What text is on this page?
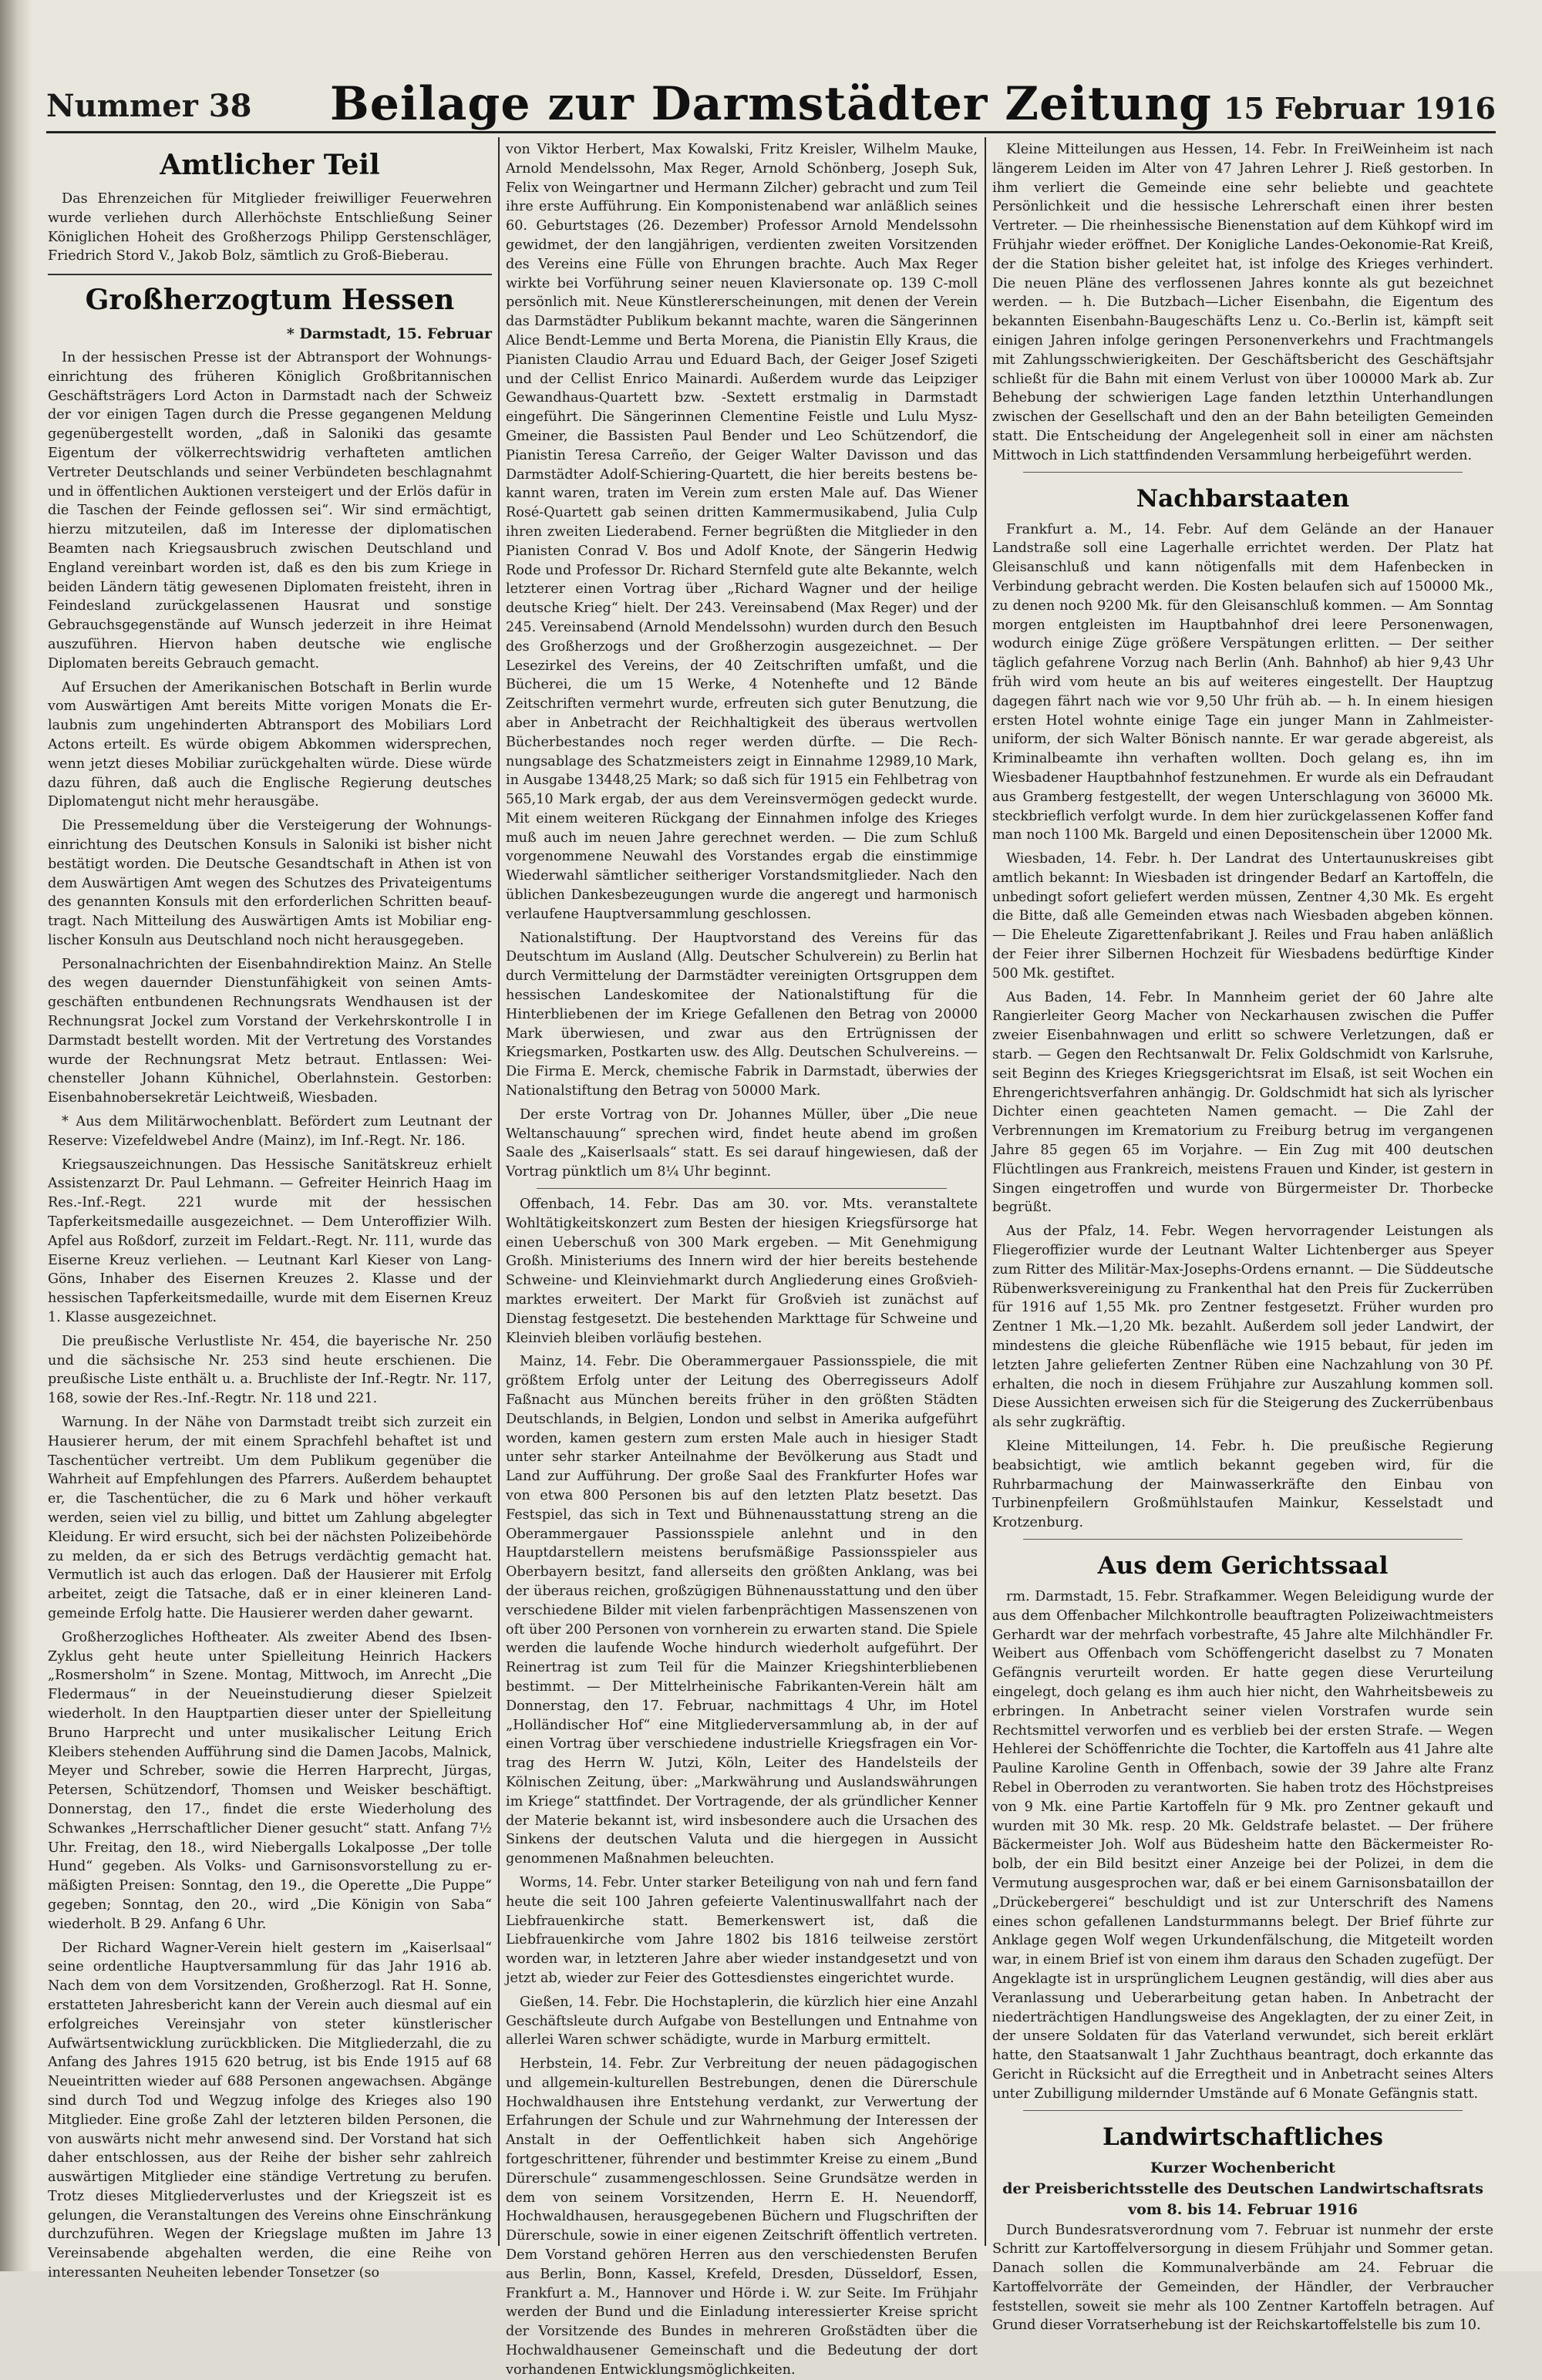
Nummer 38	Beilage zur Darmstädter Zeitung 15 Februar 1916
Amtlicher Teil

Das Ehrenzeichen für Mitglieder freiwilliger Feuerwehren wurde verliehen durch Allerhöchste Entschließung Seiner Königlichen Hoheit des Großherzogs Philipp Gerstenschläger, Friedrich Stord V., Jakob Bolz, sämtlich zu Groß-Bieberau.

Großherzogtum Hessen
* Darmstadt, 15. Februar

In der hessischen Presse ist der Abtransport der Wohnungseinrichtung des früheren Königlich Großbritannischen Geschäftsträgers Lord Acton in Darmstadt nach der Schweiz der vor einigen Tagen durch die Presse gegangenen Meldung gegenübergestellt worden, „daß in Saloniki das gesamte Eigentum der völkerrechtswidrig verhafteten amtlichen Vertreter Deutschlands und seiner Verbündeten beschlagnahmt und in öffentlichen Auktionen versteigert und der Erlös dafür in die Taschen der Feinde geflossen sei“. Wir sind ermächtigt, hierzu mitzuteilen, daß im Interesse der diplomatischen Beamten nach Kriegsausbruch zwischen Deutschland und England vereinbart worden ist, daß es den bis zum Kriege in beiden Ländern tätig gewesenen Diplomaten freisteht, ihren in Feindesland zurückgelassenen Hausrat und sonstige Gebrauchsgegenstände auf Wunsch jederzeit in ihre Heimat auszuführen. Hiervon haben deutsche wie englische Diplomaten bereits Gebrauch gemacht.

Auf Ersuchen der Amerikanischen Botschaft in Berlin wurde vom Auswärtigen Amt bereits Mitte vorigen Monats die Erlaubnis zum ungehinderten Abtransport des Mobiliars Lord Actons erteilt. Es würde obigem Abkommen widersprechen, wenn jetzt dieses Mobiliar zurückgehalten würde. Diese würde dazu führen, daß auch die Englische Regierung deutsches Diplomatengut nicht mehr herausgäbe.

Die Pressemeldung über die Versteigerung der Wohnungseinrichtung des Deutschen Konsuls in Saloniki ist bisher nicht bestätigt worden. Die Deutsche Gesandtschaft in Athen ist von dem Auswärtigen Amt wegen des Schutzes des Privateigentums des genannten Konsuls mit den erforderlichen Schritten beauftragt. Nach Mitteilung des Auswärtigen Amts ist Mobiliar englischer Konsuln aus Deutschland noch nicht herausgegeben.

Personalnachrichten der Eisenbahndirektion Mainz. An Stelle des wegen dauernder Dienstunfähigkeit von seinen Amtsgeschäften entbundenen Rechnungsrats Wendhausen ist der Rechnungsrat Jockel zum Vorstand der Verkehrskontrolle I in Darmstadt bestellt worden. Mit der Vertretung des Vorstandes wurde der Rechnungsrat Metz betraut. Entlassen: Weichensteller Johann Kühnichel, Oberlahnstein. Gestorben: Eisenbahnobersekretär Leichtweiß, Wiesbaden.

* Aus dem Militärwochenblatt. Befördert zum Leutnant der Reserve: Vizefeldwebel Andre (Mainz), im Inf.-Regt. Nr. 186.

Kriegsauszeichnungen. Das Hessische Sanitätskreuz erhielt Assistenzarzt Dr. Paul Lehmann. — Gefreiter Heinrich Haag im Res.-Inf.-Regt. 221 wurde mit der hessischen Tapferkeitsmedaille ausgezeichnet. — Dem Unteroffizier Wilh. Apfel aus Roßdorf, zurzeit im Feldart.-Regt. Nr. 111, wurde das Eiserne Kreuz verliehen. — Leutnant Karl Kieser von Lang-Göns, Inhaber des Eisernen Kreuzes 2. Klasse und der hessischen Tapferkeitsmedaille, wurde mit dem Eisernen Kreuz 1. Klasse ausgezeichnet.

Die preußische Verlustliste Nr. 454, die bayerische Nr. 250 und die sächsische Nr. 253 sind heute erschienen. Die preußische Liste enthält u. a. Bruchliste der Inf.-Regtr. Nr. 117, 168, sowie der Res.-Inf.-Regtr. Nr. 118 und 221.

Warnung. In der Nähe von Darmstadt treibt sich zurzeit ein Hausierer herum, der mit einem Sprachfehl behaftet ist und Taschentücher vertreibt. Um dem Publikum gegenüber die Wahrheit auf Empfehlungen des Pfarrers. Außerdem behauptet er, die Taschentücher, die zu 6 Mark und höher verkauft werden, seien viel zu billig, und bittet um Zahlung abgelegter Kleidung. Er wird ersucht, sich bei der nächsten Polizeibehörde zu melden, da er sich des Betrugs verdächtig gemacht hat. Vermutlich ist auch das erlogen. Daß der Hausierer mit Erfolg arbeitet, zeigt die Tatsache, daß er in einer kleineren Landgemeinde Erfolg hatte. Die Hausierer werden daher gewarnt.

Großherzogliches Hoftheater. Als zweiter Abend des Ibsen-Zyklus geht heute unter Spielleitung Heinrich Hackers „Rosmersholm“ in Szene. Montag, Mittwoch, im Anrecht „Die Fledermaus“ in der Neueinstudierung dieser Spielzeit wiederholt. In den Hauptpartien dieser unter der Spielleitung Bruno Harprecht und unter musikalischer Leitung Erich Kleibers stehenden Aufführung sind die Damen Jacobs, Malnick, Meyer und Schreber, sowie die Herren Harprecht, Jürgas, Petersen, Schützendorf, Thomsen und Weisker beschäftigt. Donnerstag, den 17., findet die erste Wiederholung des Schwankes „Herrschaftlicher Diener gesucht“ statt. Anfang 7½ Uhr. Freitag, den 18., wird Niebergalls Lokalposse „Der tolle Hund“ gegeben. Als Volks- und Garnisonsvorstellung zu ermäßigten Preisen: Sonntag, den 19., die Operette „Die Puppe“ gegeben; Sonntag, den 20., wird „Die Königin von Saba“ wiederholt. B 29. Anfang 6 Uhr.

Der Richard Wagner-Verein hielt gestern im „Kaiserlsaal“ seine ordentliche Hauptversammlung für das Jahr 1916 ab. Nach dem von dem Vorsitzenden, Großherzogl. Rat H. Sonne, erstatteten Jahresbericht kann der Verein auch diesmal auf ein erfolgreiches Vereinsjahr von steter künstlerischer Aufwärtsentwicklung zurückblicken. Die Mitgliederzahl, die zu Anfang des Jahres 1915 620 betrug, ist bis Ende 1915 auf 68 Neueintritten wieder auf 688 Personen angewachsen. Abgänge sind durch Tod und Wegzug infolge des Krieges also 190 Mitglieder. Eine große Zahl der letzteren bilden Personen, die von auswärts nicht mehr anwesend sind. Der Vorstand hat sich daher entschlossen, aus der Reihe der bisher sehr zahlreich auswärtigen Mitglieder eine ständige Vertretung zu berufen. Trotz dieses Mitgliederverlustes und der Kriegszeit ist es gelungen, die Veranstaltungen des Vereins ohne Einschränkung durchzuführen. Wegen der Kriegslage mußten im Jahre 13 Vereinsabende abgehalten werden, die eine Reihe von interessanten Neuheiten lebender Tonsetzer (so

von Viktor Herbert, Max Kowalski, Fritz Kreisler, Wilhelm Mauke, Arnold Mendelssohn, Max Reger, Arnold Schönberg, Joseph Suk, Felix von Weingartner und Hermann Zilcher) gebracht und zum Teil ihre erste Aufführung. Ein Komponistenabend war anläßlich seines 60. Geburtstages (26. Dezember) Professor Arnold Mendelssohn gewidmet, der den langjährigen, verdienten zweiten Vorsitzenden des Vereins eine Fülle von Ehrungen brachte. Auch Max Reger wirkte bei Vorführung seiner neuen Klaviersonate op. 139 C-moll persönlich mit. Neue Künstlererscheinungen, mit denen der Verein das Darmstädter Publikum bekannt machte, waren die Sängerinnen Alice Bendt-Lemme und Berta Morena, die Pianistin Elly Kraus, die Pianisten Claudio Arrau und Eduard Bach, der Geiger Josef Szigeti und der Cellist Enrico Mainardi. Außerdem wurde das Leipziger Gewandhaus-Quartett bzw. -Sextett erstmalig in Darmstadt eingeführt. Die Sängerinnen Clementine Feistle und Lulu Mysz-Gmeiner, die Bassisten Paul Bender und Leo Schützendorf, die Pianistin Teresa Carreño, der Geiger Walter Davisson und das Darmstädter Adolf-Schiering-Quartett, die hier bereits bestens bekannt waren, traten im Verein zum ersten Male auf. Das Wiener Rosé-Quartett gab seinen dritten Kammermusikabend, Julia Culp ihren zweiten Liederabend. Ferner begrüßten die Mitglieder in den Pianisten Conrad V. Bos und Adolf Knote, der Sängerin Hedwig Rode und Professor Dr. Richard Sternfeld gute alte Bekannte, welch letzterer einen Vortrag über „Richard Wagner und der heilige deutsche Krieg“ hielt. Der 243. Vereinsabend (Max Reger) und der 245. Vereinsabend (Arnold Mendelssohn) wurden durch den Besuch des Großherzogs und der Großherzogin ausgezeichnet. — Der Lesezirkel des Vereins, der 40 Zeitschriften umfaßt, und die Bücherei, die um 15 Werke, 4 Notenhefte und 12 Bände Zeitschriften vermehrt wurde, erfreuten sich guter Benutzung, die aber in Anbetracht der Reichhaltigkeit des überaus wertvollen Bücherbestandes noch reger werden dürfte. — Die Rechnungsablage des Schatzmeisters zeigt in Einnahme 12989,10 Mark, in Ausgabe 13448,25 Mark; so daß sich für 1915 ein Fehlbetrag von 565,10 Mark ergab, der aus dem Vereinsvermögen gedeckt wurde. Mit einem weiteren Rückgang der Einnahmen infolge des Krieges muß auch im neuen Jahre gerechnet werden. — Die zum Schluß vorgenommene Neuwahl des Vorstandes ergab die einstimmige Wiederwahl sämtlicher seitheriger Vorstandsmitglieder. Nach den üblichen Dankesbezeugungen wurde die angeregt und harmonisch verlaufene Hauptversammlung geschlossen.

Nationalstiftung. Der Hauptvorstand des Vereins für das Deutschtum im Ausland (Allg. Deutscher Schulverein) zu Berlin hat durch Vermittelung der Darmstädter vereinigten Ortsgruppen dem hessischen Landeskomitee der Nationalstiftung für die Hinterbliebenen der im Kriege Gefallenen den Betrag von 20000 Mark überwiesen, und zwar aus den Ertrügnissen der Kriegsmarken, Postkarten usw. des Allg. Deutschen Schulvereins. — Die Firma E. Merck, chemische Fabrik in Darmstadt, überwies der Nationalstiftung den Betrag von 50000 Mark.

Der erste Vortrag von Dr. Johannes Müller, über „Die neue Weltanschauung“ sprechen wird, findet heute abend im großen Saale des „Kaiserlsaals“ statt. Es sei darauf hingewiesen, daß der Vortrag pünktlich um 8¼ Uhr beginnt.

Offenbach, 14. Febr. Das am 30. vor. Mts. veranstaltete Wohltätigkeitskonzert zum Besten der hiesigen Kriegsfürsorge hat einen Ueberschuß von 300 Mark ergeben. — Mit Genehmigung Großh. Ministeriums des Innern wird der hier bereits bestehende Schweine- und Kleinviehmarkt durch Angliederung eines Großviehmarktes erweitert. Der Markt für Großvieh ist zunächst auf Dienstag festgesetzt. Die bestehenden Markttage für Schweine und Kleinvieh bleiben vorläufig bestehen.

Mainz, 14. Febr. Die Oberammergauer Passionsspiele, die mit größtem Erfolg unter der Leitung des Oberregisseurs Adolf Faßnacht aus München bereits früher in den größten Städten Deutschlands, in Belgien, London und selbst in Amerika aufgeführt worden, kamen gestern zum ersten Male auch in hiesiger Stadt unter sehr starker Anteilnahme der Bevölkerung aus Stadt und Land zur Aufführung. Der große Saal des Frankfurter Hofes war von etwa 800 Personen bis auf den letzten Platz besetzt. Das Festspiel, das sich in Text und Bühnenausstattung streng an die Oberammergauer Passionsspiele anlehnt und in den Hauptdarstellern meistens berufsmäßige Passionsspieler aus Oberbayern besitzt, fand allerseits den größten Anklang, was bei der überaus reichen, großzügigen Bühnenausstattung und den über verschiedene Bilder mit vielen farbenprächtigen Massenszenen von oft über 200 Personen von vornherein zu erwarten stand. Die Spiele werden die laufende Woche hindurch wiederholt aufgeführt. Der Reinertrag ist zum Teil für die Mainzer Kriegshinterbliebenen bestimmt. — Der Mittelrheinische Fabrikanten-Verein hält am Donnerstag, den 17. Februar, nachmittags 4 Uhr, im Hotel „Holländischer Hof“ eine Mitgliederversammlung ab, in der auf einen Vortrag über verschiedene industrielle Kriegsfragen ein Vortrag des Herrn W. Jutzi, Köln, Leiter des Handelsteils der Kölnischen Zeitung, über: „Markwährung und Auslandswährungen im Kriege“ stattfindet. Der Vortragende, der als gründlicher Kenner der Materie bekannt ist, wird insbesondere auch die Ursachen des Sinkens der deutschen Valuta und die hiergegen in Aussicht genommenen Maßnahmen beleuchten.

Worms, 14. Febr. Unter starker Beteiligung von nah und fern fand heute die seit 100 Jahren gefeierte Valentinuswallfahrt nach der Liebfrauenkirche statt. Bemerkenswert ist, daß die Liebfrauenkirche vom Jahre 1802 bis 1816 teilweise zerstört worden war, in letzteren Jahre aber wieder instandgesetzt und von jetzt ab, wieder zur Feier des Gottesdienstes eingerichtet wurde.

Gießen, 14. Febr. Die Hochstaplerin, die kürzlich hier eine Anzahl Geschäftsleute durch Aufgabe von Bestellungen und Entnahme von allerlei Waren schwer schädigte, wurde in Marburg ermittelt.

Herbstein, 14. Febr. Zur Verbreitung der neuen pädagogischen und allgemein-kulturellen Bestrebungen, denen die Dürerschule Hochwaldhausen ihre Entstehung verdankt, zur Verwertung der Erfahrungen der Schule und zur Wahrnehmung der Interessen der Anstalt in der Oeffentlichkeit haben sich Angehörige fortgeschrittener, führender und bestimmter Kreise zu einem „Bund Dürerschule“ zusammengeschlossen. Seine Grundsätze werden in dem von seinem Vorsitzenden, Herrn E. H. Neuendorff, Hochwaldhausen, herausgegebenen Büchern und Flugschriften der Dürerschule, sowie in einer eigenen Zeitschrift öffentlich vertreten. Dem Vorstand gehören Herren aus den verschiedensten Berufen aus Berlin, Bonn, Kassel, Krefeld, Dresden, Düsseldorf, Essen, Frankfurt a. M., Hannover und Hörde i. W. zur Seite. Im Frühjahr werden der Bund und die Einladung interessierter Kreise spricht der Vorsitzende des Bundes in mehreren Großstädten über die Hochwaldhausener Gemeinschaft und die Bedeutung der dort vorhandenen Entwicklungsmöglichkeiten.

Kleine Mitteilungen aus Hessen, 14. Febr. In FreiWeinheim ist nach längerem Leiden im Alter von 47 Jahren Lehrer J. Rieß gestorben. In ihm verliert die Gemeinde eine sehr beliebte und geachtete Persönlichkeit und die hessische Lehrerschaft einen ihrer besten Vertreter. — Die rheinhessische Bienenstation auf dem Kühkopf wird im Frühjahr wieder eröffnet. Der Konigliche Landes-Oekonomie-Rat Kreiß, der die Station bisher geleitet hat, ist infolge des Krieges verhindert. Die neuen Pläne des verflossenen Jahres konnte als gut bezeichnet werden. — h. Die Butzbach—Licher Eisenbahn, die Eigentum des bekannten Eisenbahn-Baugeschäfts Lenz u. Co.-Berlin ist, kämpft seit einigen Jahren infolge geringen Personenverkehrs und Frachtmangels mit Zahlungsschwierigkeiten. Der Geschäftsbericht des Geschäftsjahr schließt für die Bahn mit einem Verlust von über 100000 Mark ab. Zur Behebung der schwierigen Lage fanden letzthin Unterhandlungen zwischen der Gesellschaft und den an der Bahn beteiligten Gemeinden statt. Die Entscheidung der Angelegenheit soll in einer am nächsten Mittwoch in Lich stattfindenden Versammlung herbeigeführt werden.

Nachbarstaaten

Frankfurt a. M., 14. Febr. Auf dem Gelände an der Hanauer Landstraße soll eine Lagerhalle errichtet werden. Der Platz hat Gleisanschluß und kann nötigenfalls mit dem Hafenbecken in Verbindung gebracht werden. Die Kosten belaufen sich auf 150000 Mk., zu denen noch 9200 Mk. für den Gleisanschluß kommen. — Am Sonntag morgen entgleisten im Hauptbahnhof drei leere Personenwagen, wodurch einige Züge größere Verspätungen erlitten. — Der seither täglich gefahrene Vorzug nach Berlin (Anh. Bahnhof) ab hier 9,43 Uhr früh wird vom heute an bis auf weiteres eingestellt. Der Hauptzug dagegen fährt nach wie vor 9,50 Uhr früh ab. — h. In einem hiesigen ersten Hotel wohnte einige Tage ein junger Mann in Zahlmeisteruniform, der sich Walter Bönisch nannte. Er war gerade abgereist, als Kriminalbeamte ihn verhaften wollten. Doch gelang es, ihn im Wiesbadener Hauptbahnhof festzunehmen. Er wurde als ein Defraudant aus Gramberg festgestellt, der wegen Unterschlagung von 36000 Mk. steckbrieflich verfolgt wurde. In dem hier zurückgelassenen Koffer fand man noch 1100 Mk. Bargeld und einen Depositenschein über 12000 Mk.

Wiesbaden, 14. Febr. h. Der Landrat des Untertaunuskreises gibt amtlich bekannt: In Wiesbaden ist dringender Bedarf an Kartoffeln, die unbedingt sofort geliefert werden müssen, Zentner 4,30 Mk. Es ergeht die Bitte, daß alle Gemeinden etwas nach Wiesbaden abgeben können. — Die Eheleute Zigarettenfabrikant J. Reiles und Frau haben anläßlich der Feier ihrer Silbernen Hochzeit für Wiesbadens bedürftige Kinder 500 Mk. gestiftet.

Aus Baden, 14. Febr. In Mannheim geriet der 60 Jahre alte Rangierleiter Georg Macher von Neckarhausen zwischen die Puffer zweier Eisenbahnwagen und erlitt so schwere Verletzungen, daß er starb. — Gegen den Rechtsanwalt Dr. Felix Goldschmidt von Karlsruhe, seit Beginn des Krieges Kriegsgerichtsrat im Elsaß, ist seit Wochen ein Ehrengerichtsverfahren anhängig. Dr. Goldschmidt hat sich als lyrischer Dichter einen geachteten Namen gemacht. — Die Zahl der Verbrennungen im Krematorium zu Freiburg betrug im vergangenen Jahre 85 gegen 65 im Vorjahre. — Ein Zug mit 400 deutschen Flüchtlingen aus Frankreich, meistens Frauen und Kinder, ist gestern in Singen eingetroffen und wurde von Bürgermeister Dr. Thorbecke begrüßt.

Aus der Pfalz, 14. Febr. Wegen hervorragender Leistungen als Fliegeroffizier wurde der Leutnant Walter Lichtenberger aus Speyer zum Ritter des Militär-Max-Josephs-Ordens ernannt. — Die Süddeutsche Rübenwerksvereinigung zu Frankenthal hat den Preis für Zuckerrüben für 1916 auf 1,55 Mk. pro Zentner festgesetzt. Früher wurden pro Zentner 1 Mk.—1,20 Mk. bezahlt. Außerdem soll jeder Landwirt, der mindestens die gleiche Rübenfläche wie 1915 bebaut, für jeden im letzten Jahre gelieferten Zentner Rüben eine Nachzahlung von 30 Pf. erhalten, die noch in diesem Frühjahre zur Auszahlung kommen soll. Diese Aussichten erweisen sich für die Steigerung des Zuckerrübenbaus als sehr zugkräftig.

Kleine Mitteilungen, 14. Febr. h. Die preußische Regierung beabsichtigt, wie amtlich bekannt gegeben wird, für die Ruhrbarmachung der Mainwasserkräfte den Einbau von Turbinenpfeilern Großmühlstaufen Mainkur, Kesselstadt und Krotzenburg.

Aus dem Gerichtssaal

rm. Darmstadt, 15. Febr. Strafkammer. Wegen Beleidigung wurde der aus dem Offenbacher Milchkontrolle beauftragten Polizeiwachtmeisters Gerhardt war der mehrfach vorbestrafte, 45 Jahre alte Milchhändler Fr. Weibert aus Offenbach vom Schöffengericht daselbst zu 7 Monaten Gefängnis verurteilt worden. Er hatte gegen diese Verurteilung eingelegt, doch gelang es ihm auch hier nicht, den Wahrheitsbeweis zu erbringen. In Anbetracht seiner vielen Vorstrafen wurde sein Rechtsmittel verworfen und es verblieb bei der ersten Strafe. — Wegen Hehlerei der Schöffenrichte die Tochter, die Kartoffeln aus 41 Jahre alte Pauline Karoline Genth in Offenbach, sowie der 39 Jahre alte Franz Rebel in Oberroden zu verantworten. Sie haben trotz des Höchstpreises von 9 Mk. eine Partie Kartoffeln für 9 Mk. pro Zentner gekauft und wurden mit 30 Mk. resp. 20 Mk. Geldstrafe belastet. — Der frühere Bäckermeister Joh. Wolf aus Büdesheim hatte den Bäckermeister Robolb, der ein Bild besitzt einer Anzeige bei der Polizei, in dem die Vermutung ausgesprochen war, daß er bei einem Garnisonsbataillon der „Drückebergerei“ beschuldigt und ist zur Unterschrift des Namens eines schon gefallenen Landsturmmanns belegt. Der Brief führte zur Anklage gegen Wolf wegen Urkundenfälschung, die Mitgeteilt worden war, in einem Brief ist von einem ihm daraus den Schaden zugefügt. Der Angeklagte ist in ursprünglichem Leugnen geständig, will dies aber aus Veranlassung und Ueberarbeitung getan haben. In Anbetracht der niederträchtigen Handlungsweise des Angeklagten, der zu einer Zeit, in der unsere Soldaten für das Vaterland verwundet, sich bereit erklärt hatte, den Staatsanwalt 1 Jahr Zuchthaus beantragt, doch erkannte das Gericht in Rücksicht auf die Erregtheit und in Anbetracht seines Alters unter Zubilligung mildernder Umstände auf 6 Monate Gefängnis statt.

Landwirtschaftliches
Kurzer Wochenbericht
der Preisberichtsstelle des Deutschen Landwirtschaftsrats
vom 8. bis 14. Februar 1916

Durch Bundesratsverordnung vom 7. Februar ist nunmehr der erste Schritt zur Kartoffelversorgung in diesem Frühjahr und Sommer getan. Danach sollen die Kommunalverbände am 24. Februar die Kartoffelvorräte der Gemeinden, der Händler, der Verbraucher feststellen, soweit sie mehr als 100 Zentner Kartoffeln betragen. Auf Grund dieser Vorratserhebung ist der Reichskartoffelstelle bis zum 10.
